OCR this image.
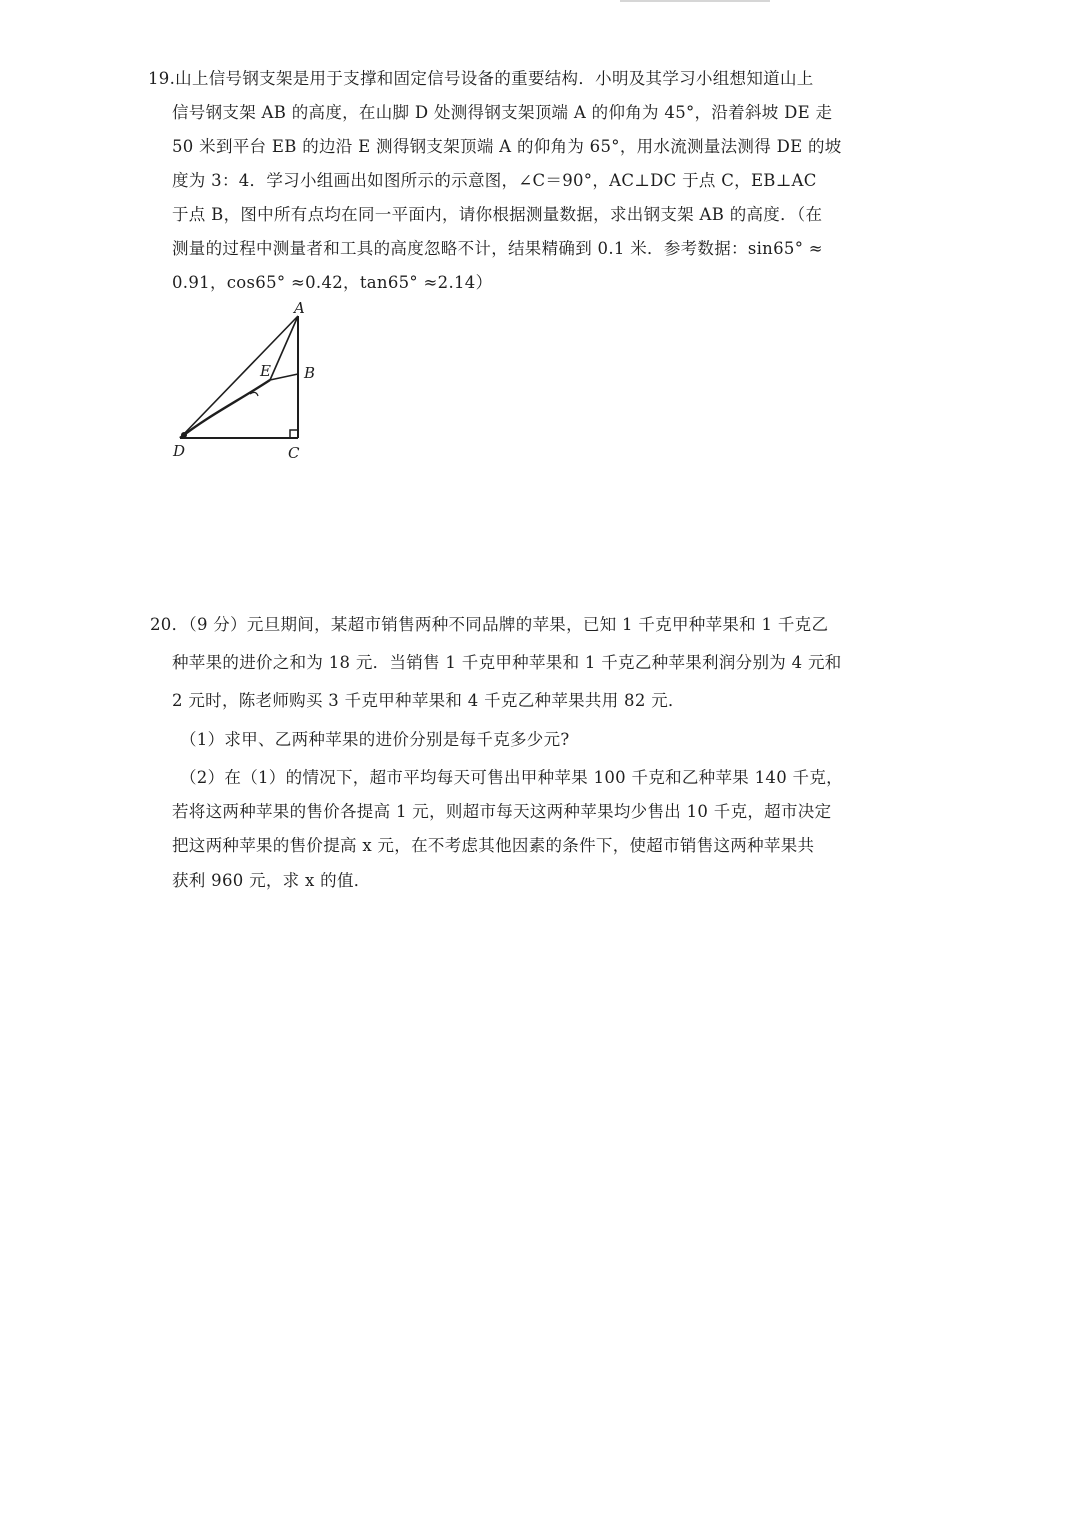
19.山上信号钢支架是用于支撑和固定信号设备的重要结构．小明及其学习小组想知道山上
信号钢支架 AB 的高度，在山脚 D 处测得钢支架顶端 A 的仰角为 45°，沿着斜坡 DE 走
50 米到平台 EB 的边沿 E 测得钢支架顶端 A 的仰角为 65°，用水流测量法测得 DE 的坡
度为 3：4．学习小组画出如图所示的示意图，∠C＝90°，AC⊥DC 于点 C，EB⊥AC
于点 B，图中所有点均在同一平面内，请你根据测量数据，求出钢支架 AB 的高度．（在
测量的过程中测量者和工具的高度忽略不计，结果精确到 0.1 米．参考数据：sin65° ≈
0.91，cos65° ≈0.42，tan65° ≈2.14）
A
B
E
D	C
20．（9 分）元旦期间，某超市销售两种不同品牌的苹果，已知 1 千克甲种苹果和 1 千克乙
种苹果的进价之和为 18 元．当销售 1 千克甲种苹果和 1 千克乙种苹果利润分别为 4 元和
2 元时，陈老师购买 3 千克甲种苹果和 4 千克乙种苹果共用 82 元．
（1）求甲、乙两种苹果的进价分别是每千克多少元?
（2）在（1）的情况下，超市平均每天可售出甲种苹果 100 千克和乙种苹果 140 千克，
若将这两种苹果的售价各提高 1 元，则超市每天这两种苹果均少售出 10 千克，超市决定
把这两种苹果的售价提高 x 元，在不考虑其他因素的条件下，使超市销售这两种苹果共
获利 960 元，求 x 的值．
